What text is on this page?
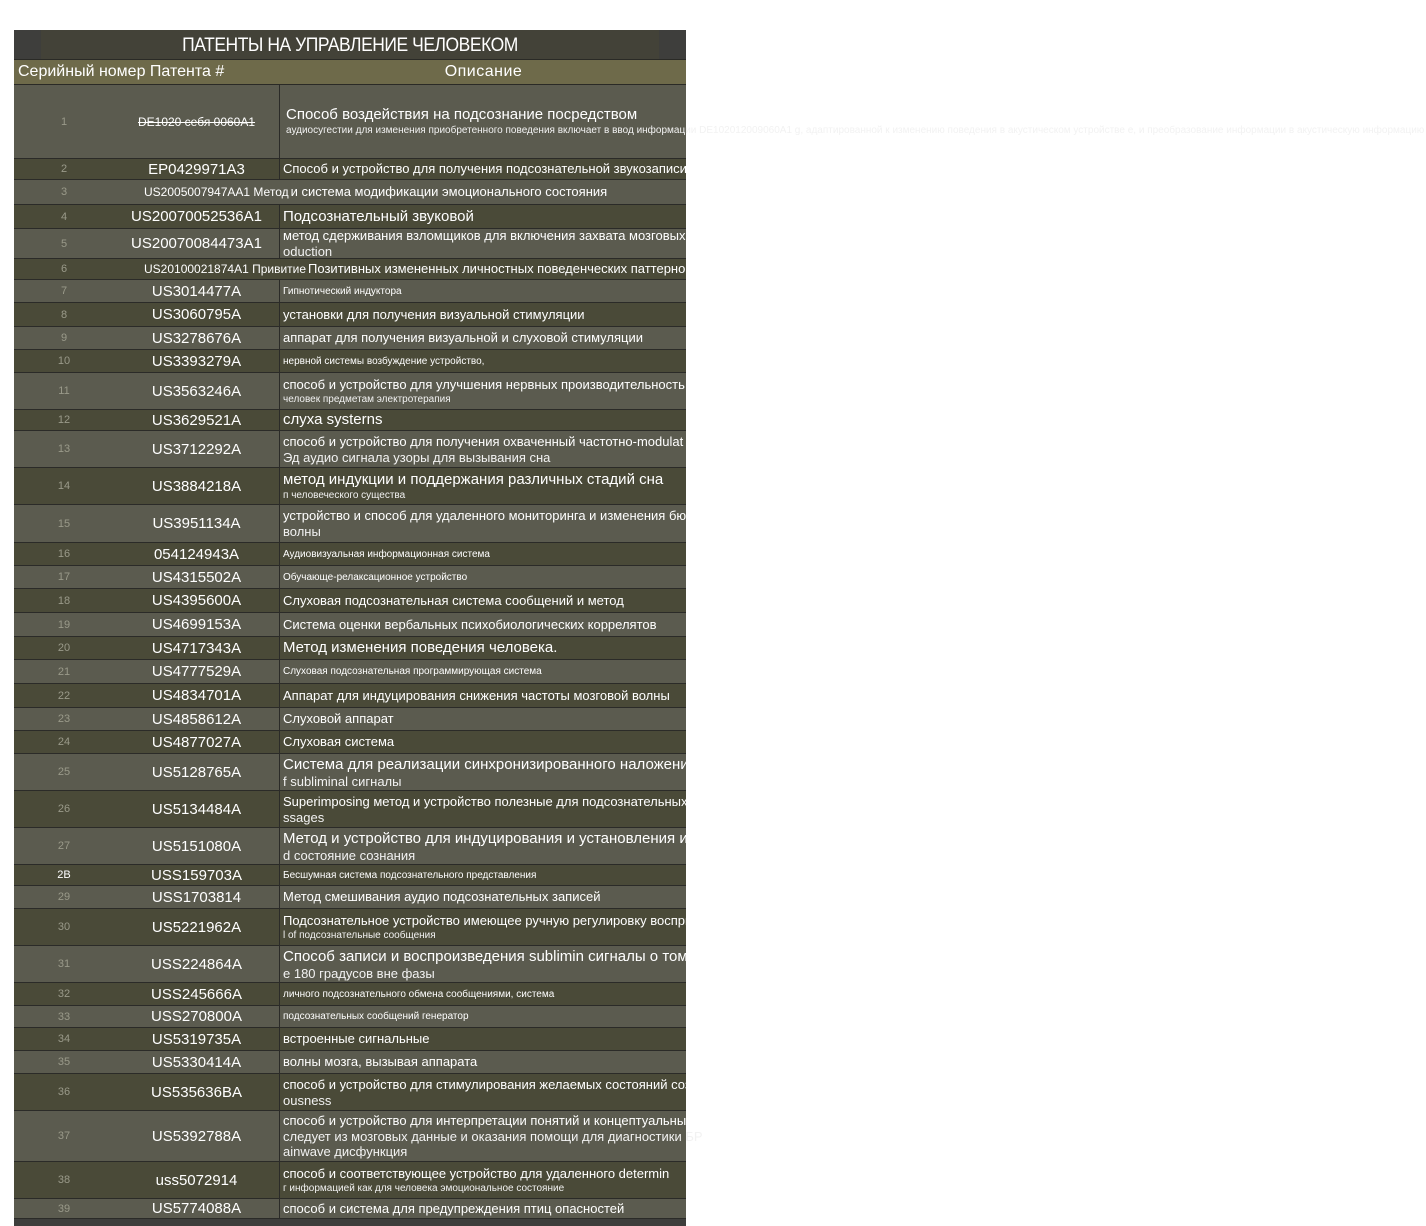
ПАТЕНТЫ НА УПРАВЛЕНИЕ ЧЕЛОВЕКОМ
Серийный номер Патента #	Описание
1	DE1020 себя 0060A1	Способ воздействия на подсознание посредством
аудиосугестии для изменения приобретенного поведения включает в ввод информации DE102012009060A1 g, адаптированной к изменению поведения в акустическом устройстве е, и преобразование информации в акустическую информацию
2	EP0429971A3	Способ и устройство для получения подсознательной звукозаписи
3	US2005007947AA1 Метод и система модификации эмоционального состояния
4	US20070052536A1	Подсознательный звуковой
5	US20070084473A1	метод сдерживания взломщиков для включения захвата мозговых волн в звук pr
oduction
6	US20100021874A1 Привитие Позитивных измененных личностных поведенческих паттернов
7	US3014477A	Гипнотический индуктора
8	US3060795A	установки для получения визуальной стимуляции
9	US3278676A	аппарат для получения визуальной и слуховой стимуляции
10	US3393279A	нервной системы возбуждение устройство,
11	US3563246A	способ и устройство для улучшения нервных производительность в ху
человек предметам электротерапия
12	US3629521A	слуха systerns
13	US3712292A	способ и устройство для получения охваченный частотно-modulat
Эд аудио сигнала узоры для вызывания сна
14	US3884218A	метод индукции и поддержания различных стадий сна
п человеческого существа
15	US3951134A	устройство и способ для удаленного мониторинга и изменения бюстгальтер
волны
16	054124943A	Аудиовизуальная информационная система
17	US4315502A	Обучающе-релаксационное устройство
18	US4395600A	Слуховая подсознательная система сообщений и метод
19	US4699153A	Система оценки вербальных психобиологических коррелятов
20	US4717343A	Метод изменения поведения человека.
21	US4777529A	Слуховая подсознательная программирующая система
22	US4834701A	Аппарат для индуцирования снижения частоты мозговой волны
23	US4858612A	Слуховой аппарат
24	US4877027A	Слуховая система
25	US5128765A	Система для реализации синхронизированного наложения о
f subliminal сигналы
26	US5134484A	Superimposing метод и устройство полезные для подсознательных сообщений
ssages
27	US5151080A	Метод и устройство для индуцирования и установления изменения
d состояние сознания
2B	USS159703A	Бесшумная система подсознательного представления
29	USS1703814	Метод смешивания аудио подсознательных записей
30	US5221962A	Подсознательное устройство имеющее ручную регулировку восприятия leve
l of подсознательные сообщения
31	USS224864A	Способ записи и воспроизведения sublimin сигналы о том, что
е 180 градусов вне фазы
32	USS245666A	личного подсознательного обмена сообщениями, система
33	USS270800A	подсознательных сообщений генератор
34	US5319735A	встроенные сигнальные
35	US5330414A	волны мозга, вызывая аппарата
36	US535636BA	способ и устройство для стимулирования желаемых состояний сознатель
ousness
37	US5392788A
способ и устройство для интерпретации понятий и концептуальных-го
следует из мозговых данные и оказания помощи для диагностики БР
ainwave дисфункция
38	uss5072914	способ и соответствующее устройство для удаленного determin
г информацией как для человека эмоциональное состояние
39	US5774088A	способ и система для предупреждения птиц опасностей
